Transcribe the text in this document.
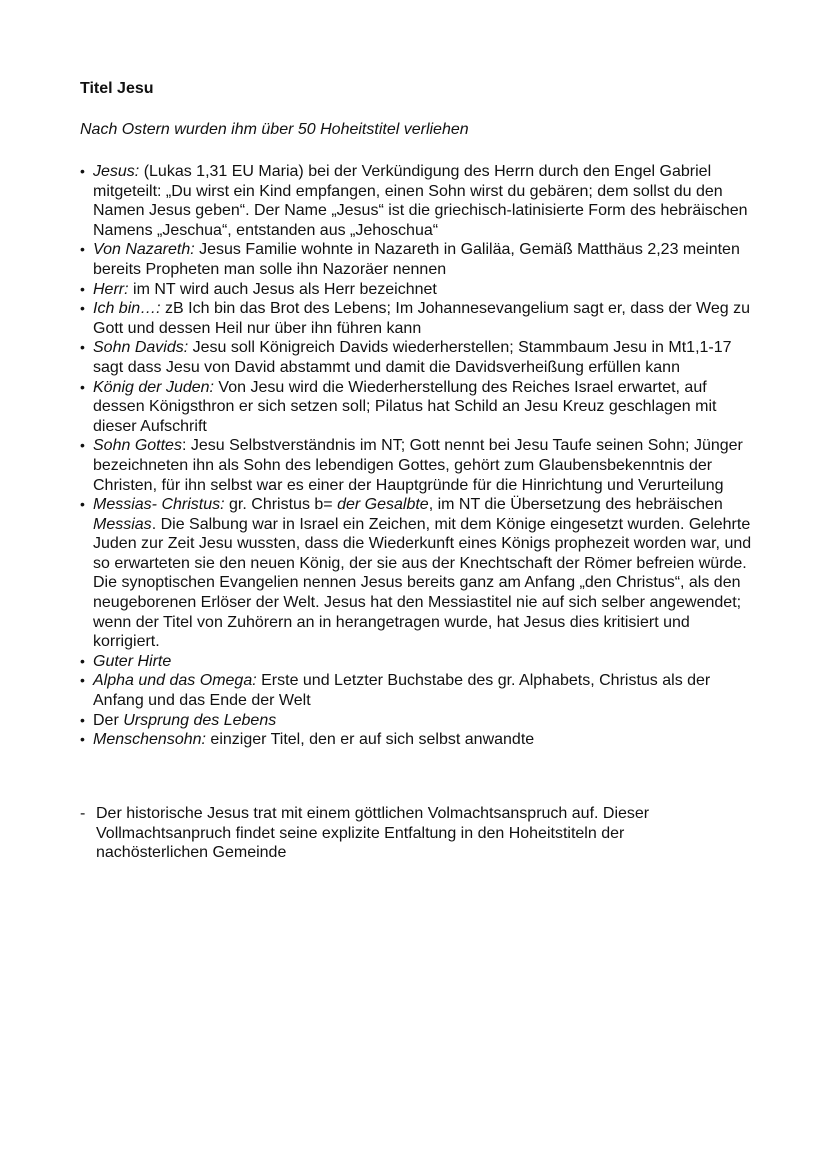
Titel Jesu

Nach Ostern wurden ihm über 50 Hoheitstitel verliehen

• Jesus: (Lukas 1,31 EU Maria) bei der Verkündigung des Herrn durch den Engel Gabriel mitgeteilt: „Du wirst ein Kind empfangen, einen Sohn wirst du gebären; dem sollst du den Namen Jesus geben“. Der Name „Jesus“ ist die griechisch-latinisierte Form des hebräischen Namens „Jeschua“, entstanden aus „Jehoschua“
• Von Nazareth: Jesus Familie wohnte in Nazareth in Galiläa, Gemäß Matthäus 2,23 meinten bereits Propheten man solle ihn Nazoräer nennen
• Herr: im NT wird auch Jesus als Herr bezeichnet
• Ich bin…: zB Ich bin das Brot des Lebens; Im Johannesevangelium sagt er, dass der Weg zu Gott und dessen Heil nur über ihn führen kann
• Sohn Davids: Jesu soll Königreich Davids wiederherstellen; Stammbaum Jesu in Mt1,1-17 sagt dass Jesu von David abstammt und damit die Davidsverheißung erfüllen kann
• König der Juden: Von Jesu wird die Wiederherstellung des Reiches Israel erwartet, auf dessen Königsthron er sich setzen soll; Pilatus hat Schild an Jesu Kreuz geschlagen mit dieser Aufschrift
• Sohn Gottes: Jesu Selbstverständnis im NT; Gott nennt bei Jesu Taufe seinen Sohn; Jünger bezeichneten ihn als Sohn des lebendigen Gottes, gehört zum Glaubensbekenntnis der Christen, für ihn selbst war es einer der Hauptgründe für die Hinrichtung und Verurteilung
• Messias- Christus: gr. Christus b= der Gesalbte, im NT die Übersetzung des hebräischen Messias. Die Salbung war in Israel ein Zeichen, mit dem Könige eingesetzt wurden. Gelehrte Juden zur Zeit Jesu wussten, dass die Wiederkunft eines Königs prophezeit worden war, und so erwarteten sie den neuen König, der sie aus der Knechtschaft der Römer befreien würde. Die synoptischen Evangelien nennen Jesus bereits ganz am Anfang „den Christus“, als den neugeborenen Erlöser der Welt. Jesus hat den Messiastitel nie auf sich selber angewendet; wenn der Titel von Zuhörern an in herangetragen wurde, hat Jesus dies kritisiert und korrigiert.
• Guter Hirte
• Alpha und das Omega: Erste und Letzter Buchstabe des gr. Alphabets, Christus als der Anfang und das Ende der Welt
• Der Ursprung des Lebens
• Menschensohn: einziger Titel, den er auf sich selbst anwandte
- Der historische Jesus trat mit einem göttlichen Volmachtsanspruch auf. Dieser Vollmachtsanpruch findet seine explizite Entfaltung in den Hoheitstiteln der nachösterlichen Gemeinde
